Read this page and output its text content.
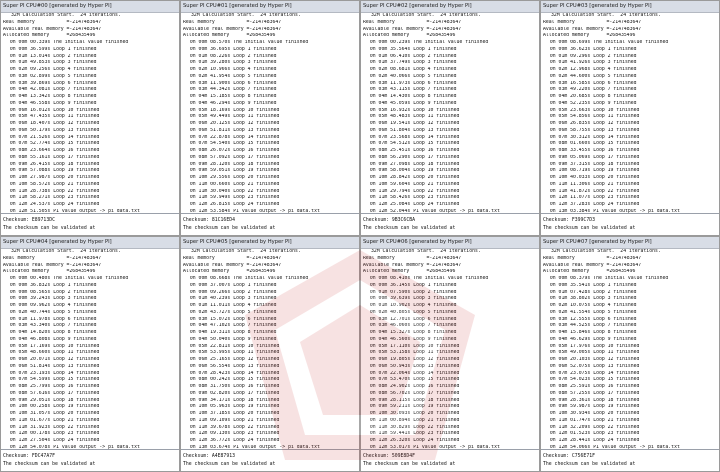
Super PI CPU#00 [generated by Hyper PI]
32M Calculation Start.  24 iterations.
Real memory           =-2147483647
Available real memory =-2147483647
Allocated memory      =268435496
0h 00m 00.339s The initial value finished
0h 00m 36.599s Loop 1 finished
0h 01m 13.014s Loop 2 finished
0h 01m 49.853s Loop 3 finished
0h 02m 09.256s Loop 4 finished
0h 03m 02.899s Loop 5 finished
0h 03m 39.869s Loop 6 finished
0h 04m 42.081s Loop 7 finished
0h 04m 13.342s Loop 8 finished
0h 04m 46.558s Loop 9 finished
0h 06m 16.012s Loop 10 finished
0h 05m 47.435s Loop 11 finished
0h 06m 18.407s Loop 12 finished
0h 06m 50.179s Loop 13 finished
0h 07m 21.526s Loop 14 finished
0h 07m 52.774s Loop 15 finished
0h 08m 23.664s Loop 16 finished
0h 08m 55.161s Loop 17 finished
0h 09m 26.415s Loop 18 finished
0h 09m 57.088s Loop 19 finished
0h 10m 27.987s Loop 20 finished
0h 10m 58.572s Loop 21 finished
0h 11m 28.738s Loop 22 finished
0h 11m 58.271s Loop 23 finished
0h 12m 24.537s Loop 24 finished
0h 12m 51.505s PI value output -> pi_data.txt
Checksum: E89713DC
The checksum can be validated at
Super PI CPU#01 [generated by Hyper PI]
32M Calculation Start.  24 iterations.
Real memory           =-2147483647
Available real memory =-2147483647
Allocated memory      =268435496
0h 00m 08.570s The initial value finished
0h 00m 36.695s Loop 1 finished
0h 01m 08.226s Loop 2 finished
0h 01m 39.280s Loop 3 finished
0h 02m 10.966s Loop 4 finished
0h 02m 41.954s Loop 5 finished
0h 03m 11.900s Loop 6 finished
0h 03m 44.342s Loop 7 finished
0h 04m 15.185s Loop 8 finished
0h 04m 46.294s Loop 9 finished
0h 05m 18.169s Loop 10 finished
0h 05m 49.449s Loop 11 finished
0h 06m 20.125s Loop 12 finished
0h 06m 51.811s Loop 13 finished
0h 07m 22.878s Loop 14 finished
0h 07m 54.540s Loop 15 finished
0h 08m 26.072s Loop 16 finished
0h 08m 57.092s Loop 17 finished
0h 09m 28.120s Loop 18 finished
0h 09m 59.051s Loop 19 finished
0h 10m 29.556s Loop 20 finished
0h 11m 00.660s Loop 21 finished
0h 11m 30.040s Loop 22 finished
0h 11m 59.949s Loop 23 finished
0h 12m 26.815s Loop 24 finished
0h 12m 53.584s PI value output -> pi_data.txt
Checksum: 81C16ED4
The checksum can be validated at
Super PI CPU#02 [generated by Hyper PI]
32M Calculation Start.  24 iterations.
Real memory           =-2147483647
Available real memory =-2147483647
Allocated memory      =268435496
0h 00m 00.239s The initial value finished
0h 00m 35.564s Loop 1 finished
0h 01m 06.410s Loop 2 finished
0h 01m 37.749s Loop 3 finished
0h 02m 08.681s Loop 4 finished
0h 02m 40.066s Loop 5 finished
0h 03m 11.973s Loop 6 finished
0h 03m 43.115s Loop 7 finished
0h 04m 14.430s Loop 8 finished
0h 04m 45.059s Loop 9 finished
0h 05m 16.932s Loop 10 finished
0h 05m 48.483s Loop 11 finished
0h 06m 19.541s Loop 12 finished
0h 06m 51.804s Loop 13 finished
0h 07m 23.568s Loop 14 finished
0h 07m 54.512s Loop 15 finished
0h 08m 25.451s Loop 16 finished
0h 08m 56.290s Loop 17 finished
0h 09m 27.098s Loop 18 finished
0h 09m 58.004s Loop 19 finished
0h 10m 28.842s Loop 20 finished
0h 10m 59.604s Loop 21 finished
0h 11m 29.794s Loop 22 finished
0h 11m 58.426s Loop 23 finished
0h 12m 25.084s Loop 24 finished
0h 12m 52.044s PI value output -> pi_data.txt
Checksum: 9B3C6CBA
The checksum can be validated at
Super PI CPU#03 [generated by Hyper PI]
32M Calculation Start.  24 iterations.
Real memory           =-2147483647
Available real memory =-2147483647
Allocated memory      =268435496
0h 00m 08.699s The initial value finished
0h 00m 36.623s Loop 1 finished
0h 01m 09.296s Loop 2 finished
0h 01m 41.926s Loop 3 finished
0h 02m 12.968s Loop 4 finished
0h 02m 44.600s Loop 5 finished
0h 03m 16.585s Loop 6 finished
0h 03m 49.220s Loop 7 finished
0h 04m 20.685s Loop 8 finished
0h 04m 52.235s Loop 9 finished
0h 05m 23.663s Loop 10 finished
0h 05m 54.856s Loop 11 finished
0h 06m 26.835s Loop 12 finished
0h 06m 58.755s Loop 13 finished
0h 07m 30.312s Loop 14 finished
0h 08m 01.660s Loop 15 finished
0h 08m 33.455s Loop 16 finished
0h 09m 05.069s Loop 17 finished
0h 09m 37.315s Loop 18 finished
0h 10m 08.719s Loop 19 finished
0h 10m 40.033s Loop 20 finished
0h 11m 11.306s Loop 21 finished
0h 11m 41.872s Loop 22 finished
0h 12m 11.077s Loop 23 finished
0h 12m 37.283s Loop 24 finished
0h 13m 03.384s PI value output -> pi_data.txt
Checksum: F399C7D3
The checksum can be validated at
Super PI CPU#04 [generated by Hyper PI]
32M Calculation Start.  24 iterations.
Real memory           =-2147483647
Available real memory =-2147483647
Allocated memory      =268435496
0h 00m 00.480s The initial value finished
0h 00m 36.832s Loop 1 finished
0h 00m 08.565s Loop 2 finished
0h 00m 39.243s Loop 3 finished
0h 00m 09.962s Loop 4 finished
0h 02m 40.744s Loop 5 finished
0h 01m 11.978s Loop 6 finished
0h 03m 43.340s Loop 7 finished
0h 04m 14.820s Loop 8 finished
0h 04m 46.808s Loop 9 finished
0h 05m 17.169s Loop 10 finished
0h 05m 48.660s Loop 11 finished
0h 06m 20.071s Loop 12 finished
0h 06m 51.814s Loop 13 finished
0h 07m 23.193s Loop 14 finished
0h 07m 54.599s Loop 15 finished
0h 08m 25.799s Loop 16 finished
0h 08m 57.616s Loop 17 finished
0h 09m 29.051s Loop 18 finished
0h 10m 00.258s Loop 19 finished
0h 10m 31.057s Loop 20 finished
0h 11m 01.677s Loop 21 finished
0h 11m 31.923s Loop 22 finished
0h 12m 00.178s Loop 23 finished
0h 12m 27.504s Loop 24 finished
0h 12m 54.078s PI value output -> pi_data.txt
Checksum: FDC47A7F
The checksum can be validated at
Super PI CPU#05 [generated by Hyper PI]
32M Calculation Start.  24 iterations.
Real memory           =-2147483647
Available real memory =-2147483647
Allocated memory      =268435496
0h 00m 08.668s The initial value finished
0h 00m 37.007s Loop 1 finished
0h 00m 09.266s Loop 2 finished
0h 01m 40.239s Loop 3 finished
0h 01m 11.011s Loop 4 finished
0h 02m 43.727s Loop 5 finished
0h 03m 15.072s Loop 6 finished
0h 04m 47.102s Loop 7 finished
0h 04m 19.311s Loop 8 finished
0h 04m 50.040s Loop 9 finished
0h 05m 22.811s Loop 10 finished
0h 05m 53.995s Loop 11 finished
0h 06m 25.165s Loop 12 finished
0h 06m 56.554s Loop 13 finished
0h 07m 28.423s Loop 14 finished
0h 08m 00.242s Loop 15 finished
0h 08m 31.750s Loop 16 finished
0h 09m 02.820s Loop 17 finished
0h 09m 34.171s Loop 18 finished
0h 10m 05.963s Loop 19 finished
0h 10m 37.185s Loop 20 finished
0h 11m 09.109s Loop 21 finished
0h 11m 39.678s Loop 22 finished
0h 12m 09.130s Loop 23 finished
0h 12m 36.772s Loop 24 finished
0h 13m 03.674s PI value output -> pi_data.txt
Checksum: A4E87913
The checksum can be validated at
Super PI CPU#06 [generated by Hyper PI]
32M Calculation Start.  24 iterations.
Real memory           =-2147483647
Available real memory =-2147483647
Allocated memory      =268435496
0h 00m 08.410s The initial value finished
0h 00m 36.145s Loop 1 finished
0h 01m 07.590s Loop 2 finished
0h 00m 39.639s Loop 3 finished
0h 01m 10.902s Loop 4 finished
0h 02m 40.805s Loop 5 finished
0h 03m 12.701s Loop 6 finished
0h 03m 46.060s Loop 7 finished
0h 04m 15.327s Loop 8 finished
0h 04m 46.560s Loop 9 finished
0h 05m 17.110s Loop 10 finished
0h 05m 53.158s Loop 11 finished
0h 06m 19.805s Loop 12 finished
0h 06m 50.943s Loop 13 finished
0h 07m 22.064s Loop 14 finished
0h 07m 53.470s Loop 15 finished
0h 08m 24.902s Loop 16 finished
0h 08m 56.702s Loop 17 finished
0h 09m 28.115s Loop 18 finished
0h 09m 59.211s Loop 19 finished
0h 10m 30.093s Loop 20 finished
0h 11m 00.894s Loop 21 finished
0h 11m 30.829s Loop 22 finished
0h 11m 59.441s Loop 23 finished
0h 12m 26.320s Loop 24 finished
0h 12m 53.017s PI value output -> pi_data.txt
Checksum: 509E8D4F
The checksum can be validated at
Super PI CPU#07 [generated by Hyper PI]
32M Calculation Start.  24 iterations.
Real memory           =-2147483647
Available real memory =-2147483647
Allocated memory      =268435496
0h 00m 08.379s The initial value finished
0h 00m 35.541s Loop 1 finished
0h 01m 07.428s Loop 2 finished
0h 01m 38.802s Loop 3 finished
0h 02m 10.075s Loop 4 finished
0h 02m 41.554s Loop 5 finished
0h 03m 12.555s Loop 6 finished
0h 03m 44.525s Loop 7 finished
0h 04m 15.846s Loop 8 finished
0h 04m 46.629s Loop 9 finished
0h 05m 17.976s Loop 10 finished
0h 05m 49.005s Loop 11 finished
0h 06m 20.103s Loop 12 finished
0h 06m 52.075s Loop 13 finished
0h 07m 23.075s Loop 14 finished
0h 07m 54.023s Loop 15 finished
0h 08m 25.591s Loop 16 finished
0h 08m 57.255s Loop 17 finished
0h 09m 28.361s Loop 18 finished
0h 09m 59.987s Loop 19 finished
0h 10m 30.934s Loop 20 finished
0h 11m 01.747s Loop 21 finished
0h 11m 32.209s Loop 22 finished
0h 12m 01.523s Loop 23 finished
0h 12m 28.441s Loop 24 finished
0h 12m 54.066s PI value output -> pi_data.txt
Checksum: C756E71F
The checksum can be validated at
